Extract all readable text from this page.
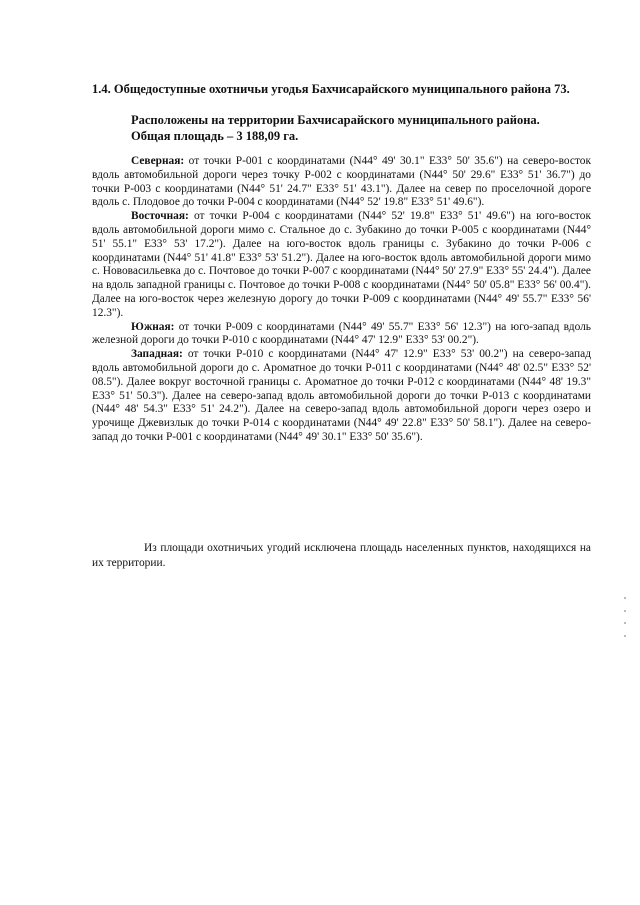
1.4. Общедоступные охотничьи угодья Бахчисарайского муниципального района 73.
Расположены на территории Бахчисарайского муниципального района.
Общая площадь – 3 188,09 га.

Северная: от точки Р-001 с координатами (N44° 49' 30.1" E33° 50' 35.6") на северо-восток вдоль автомобильной дороги через точку Р-002 с координатами (N44° 50' 29.6" E33° 51' 36.7") до точки Р-003 с координатами (N44° 51' 24.7" E33° 51' 43.1"). Далее на север по проселочной дороге вдоль с. Плодовое до точки Р-004 с координатами (N44° 52' 19.8" E33° 51' 49.6").

Восточная: от точки Р-004 с координатами (N44° 52' 19.8" E33° 51' 49.6") на юго-восток вдоль автомобильной дороги мимо с. Стальное до с. Зубакино до точки Р-005 с координатами (N44° 51' 55.1" E33° 53' 17.2"). Далее на юго-восток вдоль границы с. Зубакино до точки Р-006 с координатами (N44° 51' 41.8" E33° 53' 51.2"). Далее на юго-восток вдоль автомобильной дороги мимо с. Нововасильевка до с. Почтовое до точки Р-007 с координатами (N44° 50' 27.9" E33° 55' 24.4"). Далее на вдоль западной границы с. Почтовое до точки Р-008 с координатами (N44° 50' 05.8" E33° 56' 00.4"). Далее на юго-восток через железную дорогу до точки Р-009 с координатами (N44° 49' 55.7" E33° 56' 12.3").

Южная: от точки Р-009 с координатами (N44° 49' 55.7" E33° 56' 12.3") на юго-запад вдоль железной дороги до точки Р-010 с координатами (N44° 47' 12.9" E33° 53' 00.2").

Западная: от точки Р-010 с координатами (N44° 47' 12.9" E33° 53' 00.2") на северо-запад вдоль автомобильной дороги до с. Ароматное до точки Р-011 с координатами (N44° 48' 02.5" E33° 52' 08.5"). Далее вокруг восточной границы с. Ароматное до точки Р-012 с координатами (N44° 48' 19.3" E33° 51' 50.3"). Далее на северо-запад вдоль автомобильной дороги до точки Р-013 с координатами (N44° 48' 54.3" E33° 51' 24.2"). Далее на северо-запад вдоль автомобильной дороги через озеро и урочище Джевизлык до точки Р-014 с координатами (N44° 49' 22.8" E33° 50' 58.1"). Далее на северо-запад до точки Р-001 с координатами (N44° 49' 30.1" E33° 50' 35.6").

Из площади охотничьих угодий исключена площадь населенных пунктов, находящихся на их территории.
